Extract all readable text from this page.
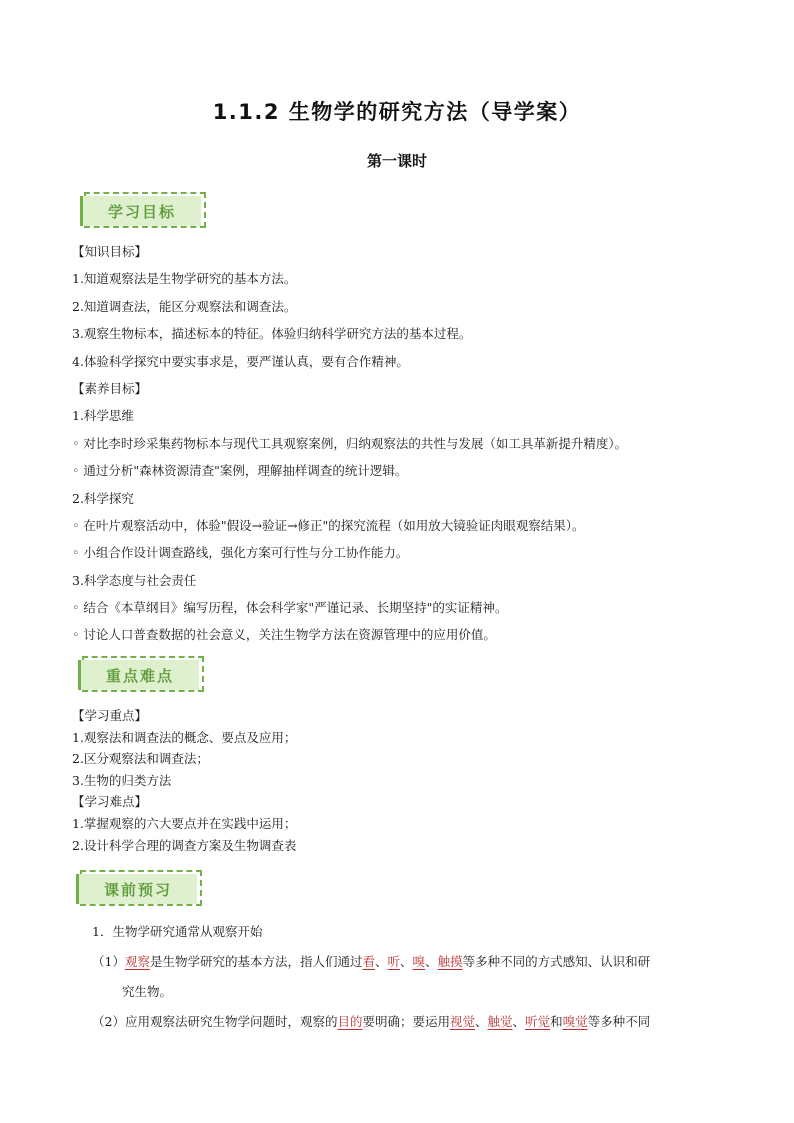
1.1.2 生物学的研究方法（导学案）
第一课时
学习目标
【知识目标】
1.知道观察法是生物学研究的基本方法。
2.知道调查法，能区分观察法和调查法。
3.观察生物标本，描述标本的特征。体验归纳科学研究方法的基本过程。
4.体验科学探究中要实事求是，要严谨认真，要有合作精神。
【素养目标】
1.科学思维
◦ 对比李时珍采集药物标本与现代工具观察案例，归纳观察法的共性与发展（如工具革新提升精度）。
◦ 通过分析"森林资源清查"案例，理解抽样调查的统计逻辑。
2.科学探究
◦ 在叶片观察活动中，体验"假设→验证→修正"的探究流程（如用放大镜验证肉眼观察结果）。
◦ 小组合作设计调查路线，强化方案可行性与分工协作能力。
3.科学态度与社会责任
◦ 结合《本草纲目》编写历程，体会科学家"严谨记录、长期坚持"的实证精神。
◦ 讨论人口普查数据的社会意义，关注生物学方法在资源管理中的应用价值。
重点难点
【学习重点】
1.观察法和调查法的概念、要点及应用；
2.区分观察法和调查法；
3.生物的归类方法
【学习难点】
1.掌握观察的六大要点并在实践中运用；
2.设计科学合理的调查方案及生物调查表
课前预习
1．生物学研究通常从观察开始
（1）观察是生物学研究的基本方法，指人们通过看、听、嗅、触摸等多种不同的方式感知、认识和研
究生物。
（2）应用观察法研究生物学问题时，观察的目的要明确；要运用视觉、触觉、听觉和嗅觉等多种不同
